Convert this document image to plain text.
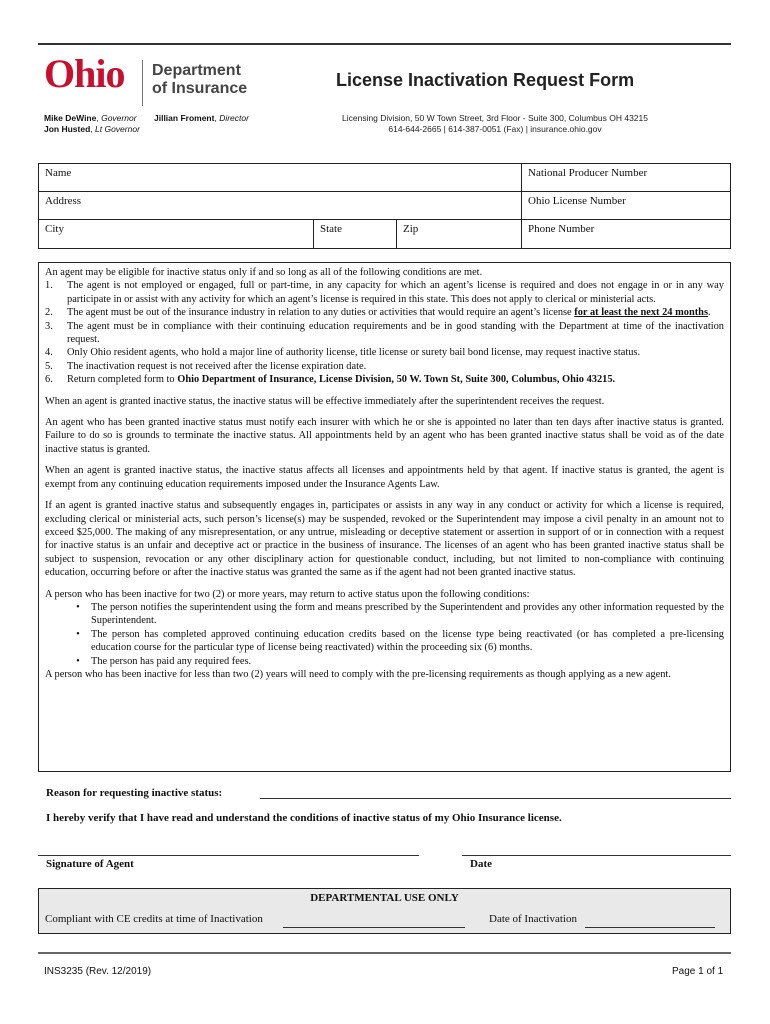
Ohio Department
of Insurance
Mike DeWine, Governor
Jon Husted, Lt Governor
Jillian Froment, Director
License Inactivation Request Form
Licensing Division, 50 W Town Street, 3rd Floor - Suite 300, Columbus OH 43215
614-644-2665 | 614-387-0051 (Fax) | insurance.ohio.gov
Name	National Producer Number
Address	Ohio License Number
City	State	Zip	Phone Number

An agent may be eligible for inactive status only if and so long as all of the following conditions are met.

1.	The agent is not employed or engaged, full or part-time, in any capacity for which an agent’s license is required and does not engage in or in any way participate in or assist with any activity for which an agent’s license is required in this state. This does not apply to clerical or ministerial acts.
2.	The agent must be out of the insurance industry in relation to any duties or activities that would require an agent’s license for at least the next 24 months.
3.	The agent must be in compliance with their continuing education requirements and be in good standing with the Department at time of the inactivation request.
4.	Only Ohio resident agents, who hold a major line of authority license, title license or surety bail bond license, may request inactive status.
5.	The inactivation request is not received after the license expiration date.
6.	Return completed form to Ohio Department of Insurance, License Division, 50 W. Town St, Suite 300, Columbus, Ohio 43215.

When an agent is granted inactive status, the inactive status will be effective immediately after the superintendent receives the request.

An agent who has been granted inactive status must notify each insurer with which he or she is appointed no later than ten days after inactive status is granted. Failure to do so is grounds to terminate the inactive status. All appointments held by an agent who has been granted inactive status shall be void as of the date inactive status is granted.

When an agent is granted inactive status, the inactive status affects all licenses and appointments held by that agent. If inactive status is granted, the agent is exempt from any continuing education requirements imposed under the Insurance Agents Law.

If an agent is granted inactive status and subsequently engages in, participates or assists in any way in any conduct or activity for which a license is required, excluding clerical or ministerial acts, such person’s license(s) may be suspended, revoked or the Superintendent may impose a civil penalty in an amount not to exceed $25,000. The making of any misrepresentation, or any untrue, misleading or deceptive statement or assertion in support of or in connection with a request for inactive status is an unfair and deceptive act or practice in the business of insurance. The licenses of an agent who has been granted inactive status shall be subject to suspension, revocation or any other disciplinary action for questionable conduct, including, but not limited to non-compliance with continuing education, occurring before or after the inactive status was granted the same as if the agent had not been granted inactive status.

A person who has been inactive for two (2) or more years, may return to active status upon the following conditions:

•	The person notifies the superintendent using the form and means prescribed by the Superintendent and provides any other information requested by the Superintendent.
•	The person has completed approved continuing education credits based on the license type being reactivated (or has completed a pre-licensing education course for the particular type of license being reactivated) within the proceeding six (6) months.
•	The person has paid any required fees.

A person who has been inactive for less than two (2) years will need to comply with the pre-licensing requirements as though applying as a new agent.

Reason for requesting inactive status:
I hereby verify that I have read and understand the conditions of inactive status of my Ohio Insurance license.
Signature of Agent	Date
DEPARTMENTAL USE ONLY
Compliant with CE credits at time of Inactivation	Date of Inactivation
INS3235 (Rev. 12/2019)	Page 1 of 1
